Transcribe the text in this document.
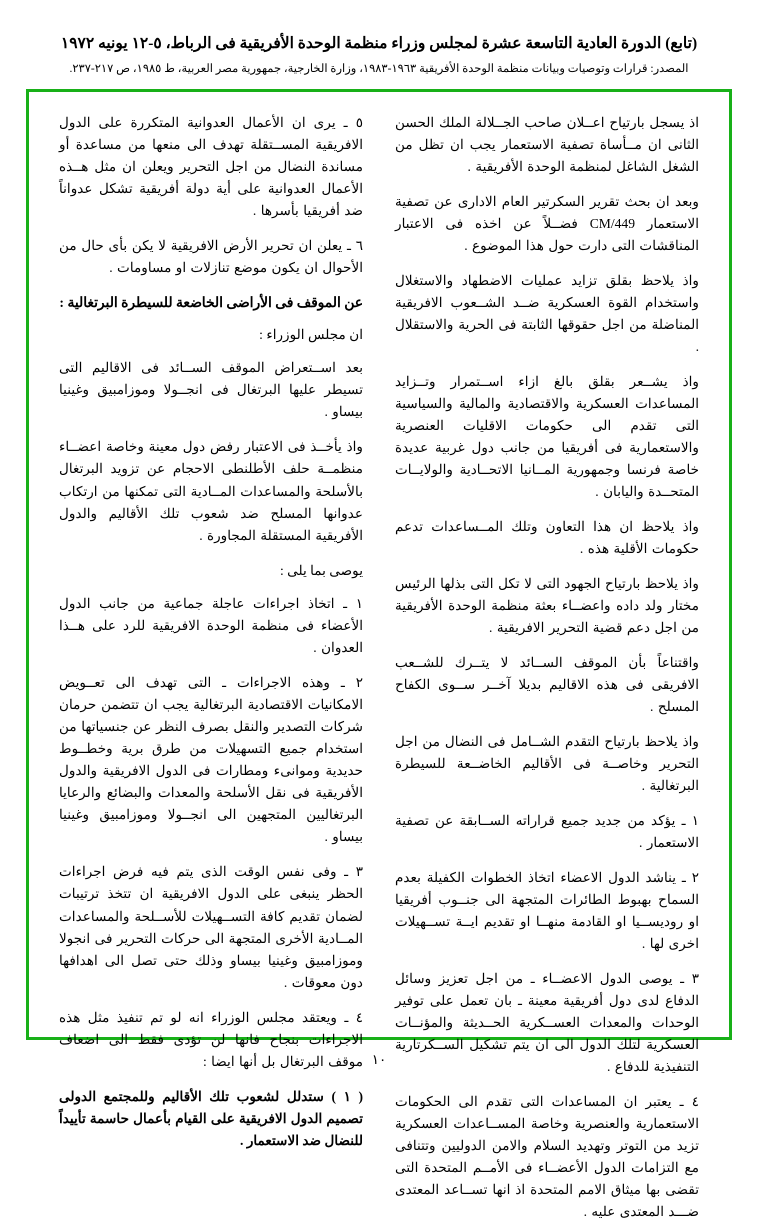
(تابع) الدورة العادية التاسعة عشرة لمجلس وزراء منظمة الوحدة الأفريقية فى الرباط، ٥-١٢ يونيه ١٩٧٢
المصدر: قرارات وتوصيات وبيانات منظمة الوحدة الأفريقية ١٩٦٣-١٩٨٣، وزارة الخارجية، جمهورية مصر العربية، ط ١٩٨٥، ص ٢١٧-٢٣٧.

اذ يسجل بارتياح اعــلان صاحب الجــلالة الملك الحسن الثانى ان مــأساة تصفية الاستعمار يجب ان تظل من الشغل الشاغل لمنظمة الوحدة الأفريقية .

وبعد ان بحث تقرير السكرتير العام الادارى عن تصفية الاستعمار CM/449 فضــلاً عن اخذه فى الاعتبار المناقشات التى دارت حول هذا الموضوع .

واذ يلاحظ بقلق تزايد عمليات الاضطهاد والاستغلال واستخدام القوة العسكرية ضــد الشــعوب الافريقية المناضلة من اجل حقوقها الثابتة فى الحرية والاستقلال .

واذ يشــعر بقلق بالغ ازاء اســتمرار وتــزايد المساعدات العسكرية والاقتصادية والمالية والسياسية التى تقدم الى حكومات الاقليات العنصرية والاستعمارية فى أفريقيا من جانب دول غربية عديدة خاصة فرنسا وجمهورية المــانيا الاتحــادية والولايــات المتحــدة واليابان .

واذ يلاحظ ان هذا التعاون وتلك المــساعدات تدعم حكومات الأقلية هذه .

واذ يلاحظ بارتياح الجهود التى لا تكل التى بذلها الرئيس مختار ولد داده واعضــاء بعثة منظمة الوحدة الأفريقية من اجل دعم قضية التحرير الافريقية .

واقتناعاً بأن الموقف الســائد لا يتــرك للشــعب الافريقى فى هذه الاقاليم بديلا آخــر ســوى الكفاح المسلح .

واذ يلاحظ بارتياح التقدم الشــامل فى النضال من اجل التحرير وخاصــة فى الأقاليم الخاضــعة للسيطرة البرتغالية .

١ ـ يؤكد من جديد جميع قراراته الســابقة عن تصفية الاستعمار .

٢ ـ يناشد الدول الاعضاء اتخاذ الخطوات الكفيلة بعدم السماح بهبوط الطائرات المتجهة الى جنــوب أفريقيا او روديســيا او القادمة منهــا او تقديم ايــة تســهيلات اخرى لها .

٣ ـ يوصى الدول الاعضــاء ـ من اجل تعزيز وسائل الدفاع لدى دول أفريقية معينة ـ بان تعمل على توفير الوحدات والمعدات العســكرية الحــديثة والمؤنــات العسكرية لتلك الدول الى ان يتم تشكيل الســكرتارية التنفيذية للدفاع .

٤ ـ يعتبر ان المساعدات التى تقدم الى الحكومات الاستعمارية والعنصرية وخاصة المســاعدات العسكرية تزيد من التوتر وتهديد السلام والامن الدوليين وتتنافى مع التزامات الدول الأعضــاء فى الأمــم المتحدة التى تقضى بها ميثاق الامم المتحدة اذ انها تســاعد المعتدى ضـــد المعتدى عليه .

٥ ـ يرى ان الأعمال العدوانية المتكررة على الدول الافريقية المســتقلة تهدف الى منعها من مساعدة أو مساندة النضال من اجل التحرير ويعلن ان مثل هــذه الأعمال العدوانية على أية دولة أفريقية تشكل عدواناً ضد أفريقيا بأسرها .

٦ ـ يعلن ان تحرير الأرض الافريقية لا يكن بأى حال من الأحوال ان يكون موضع تنازلات او مساومات .

عن الموقف فى الأراضى الخاضعة للسيطرة البرتغالية :

ان مجلس الوزراء :

بعد اســتعراض الموقف الســائد فى الاقاليم التى تسيطر عليها البرتغال فى انجــولا وموزامبيق وغينيا بيساو .

واذ يأخــذ فى الاعتبار رفض دول معينة وخاصة اعضــاء منظمــة حلف الأطلنطى الاحجام عن تزويد البرتغال بالأسلحة والمساعدات المــادية التى تمكنها من ارتكاب عدوانها المسلح ضد شعوب تلك الأقاليم والدول الأفريقية المستقلة المجاورة .

يوصى بما يلى :

١ ـ اتخاذ اجراءات عاجلة جماعية من جانب الدول الأعضاء فى منظمة الوحدة الافريقية للرد على هــذا العدوان .

٢ ـ وهذه الاجراءات ـ التى تهدف الى تعــويض الامكانيات الاقتصادية البرتغالية يجب ان تتضمن حرمان شركات التصدير والنقل بصرف النظر عن جنسياتها من استخدام جميع التسهيلات من طرق برية وخطــوط حديدية وموانىء ومطارات فى الدول الافريقية والدول الأفريقية فى نقل الأسلحة والمعدات والبضائع والرعايا البرتغاليين المتجهين الى انجــولا وموزامبيق وغينيا بيساو .

٣ ـ وفى نفس الوقت الذى يتم فيه فرض اجراءات الحظر ينبغى على الدول الافريقية ان تتخذ ترتيبات لضمان تقديم كافة التســهيلات للأســلحة والمساعدات المــادية الأخرى المتجهة الى حركات التحرير فى انجولا وموزامبيق وغينيا بيساو وذلك حتى تصل الى اهدافها دون معوقات .

٤ ـ ويعتقد مجلس الوزراء انه لو تم تنفيذ مثل هذه الاجراءات بنجاح فانها لن تؤدى فقط الى اضعاف موقف البرتغال بل أنها ايضا :

( ١ ) ستدلل لشعوب تلك الأقاليم وللمجتمع الدولى تصميم الدول الافريقية على القيام بأعمال حاسمة تأييداً للنضال ضد الاستعمار .

١٠
